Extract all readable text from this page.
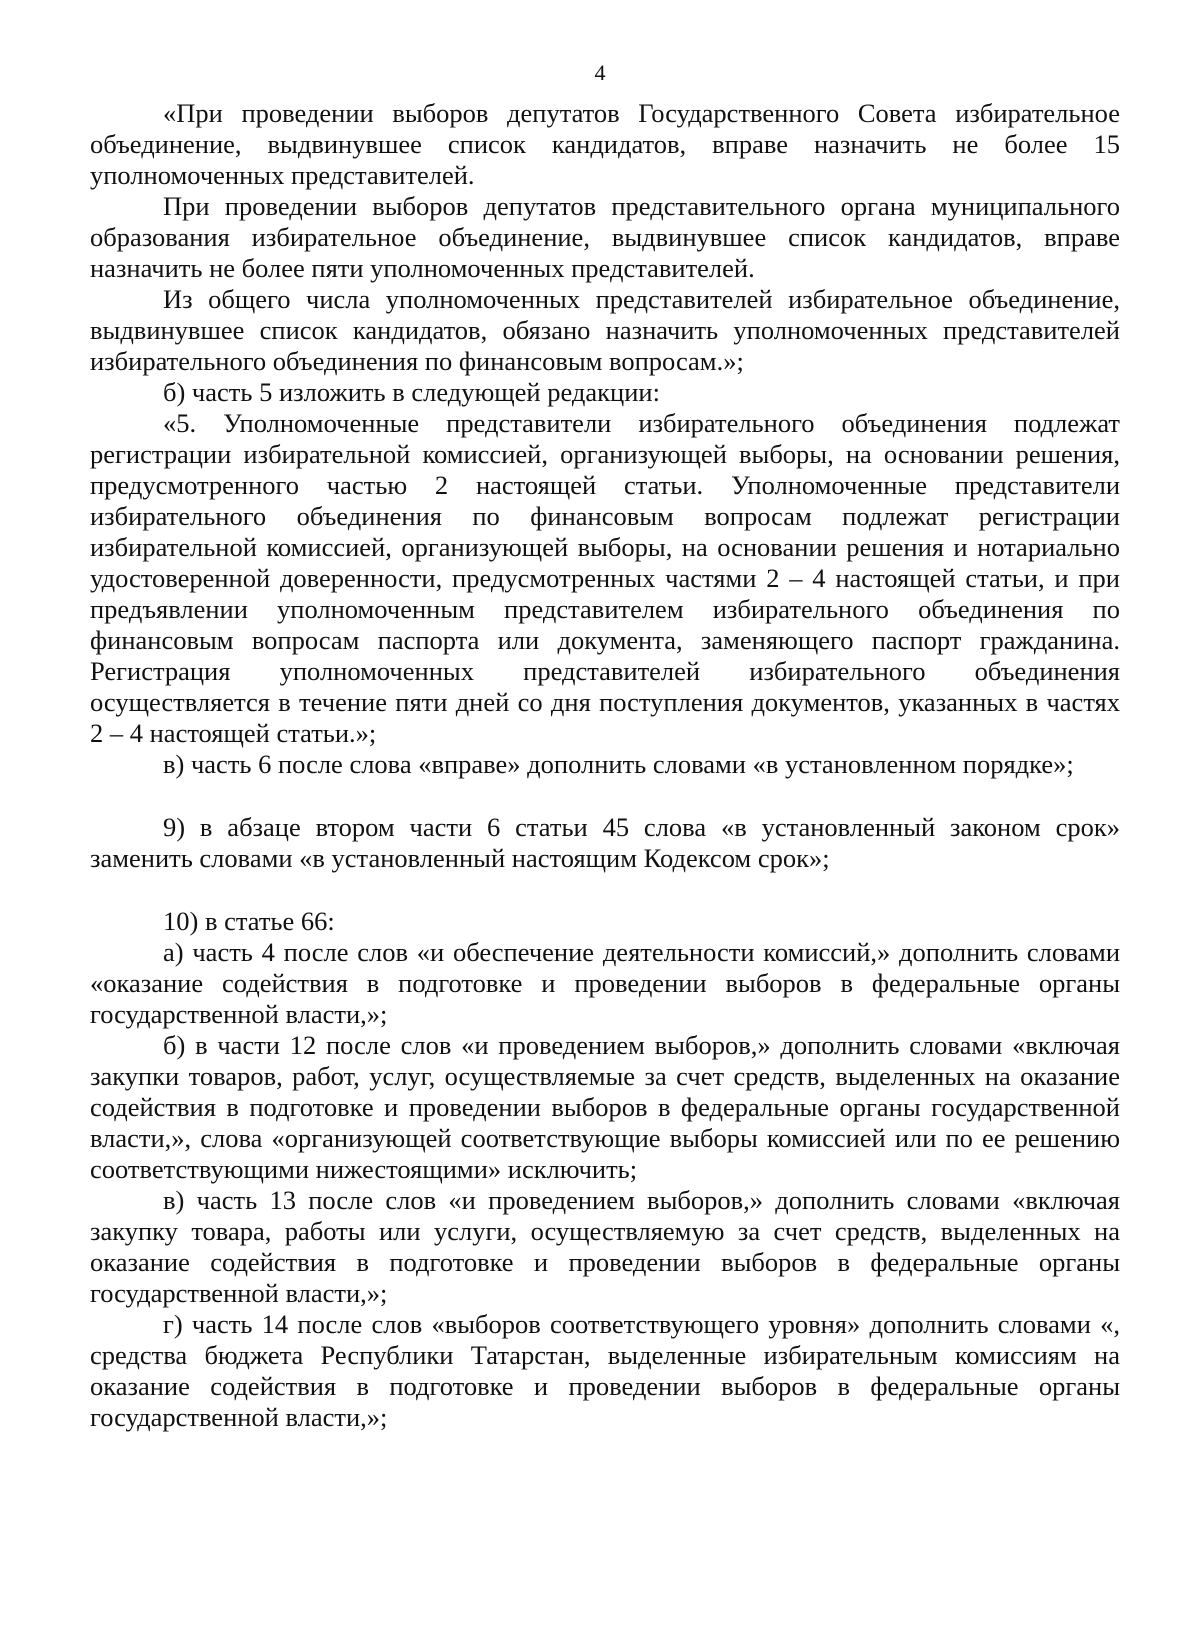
4

«При проведении выборов депутатов Государственного Совета избирательное объединение, выдвинувшее список кандидатов, вправе назначить не более 15 уполномоченных представителей.

При проведении выборов депутатов представительного органа муниципального образования избирательное объединение, выдвинувшее список кандидатов, вправе назначить не более пяти уполномоченных представителей.

Из общего числа уполномоченных представителей избирательное объединение, выдвинувшее список кандидатов, обязано назначить уполномоченных представителей избирательного объединения по финансовым вопросам.»;

б) часть 5 изложить в следующей редакции:

«5. Уполномоченные представители избирательного объединения подлежат регистрации избирательной комиссией, организующей выборы, на основании решения, предусмотренного частью 2 настоящей статьи. Уполномоченные представители избирательного объединения по финансовым вопросам подлежат регистрации избирательной комиссией, организующей выборы, на основании решения и нотариально удостоверенной доверенности, предусмотренных частями 2 – 4 настоящей статьи, и при предъявлении уполномоченным представителем избирательного объединения по финансовым вопросам паспорта или документа, заменяющего паспорт гражданина. Регистрация уполномоченных представителей избирательного объединения осуществляется в течение пяти дней со дня поступления документов, указанных в частях 2 – 4 настоящей статьи.»;

в) часть 6 после слова «вправе» дополнить словами «в установленном порядке»;

9) в абзаце втором части 6 статьи 45 слова «в установленный законом срок» заменить словами «в установленный настоящим Кодексом срок»;

10) в статье 66:

а) часть 4 после слов «и обеспечение деятельности комиссий,» дополнить словами «оказание содействия в подготовке и проведении выборов в федеральные органы государственной власти,»;

б) в части 12 после слов «и проведением выборов,» дополнить словами «включая закупки товаров, работ, услуг, осуществляемые за счет средств, выделенных на оказание содействия в подготовке и проведении выборов в федеральные органы государственной власти,», слова «организующей соответствующие выборы комиссией или по ее решению соответствующими нижестоящими» исключить;

в) часть 13 после слов «и проведением выборов,» дополнить словами «включая закупку товара, работы или услуги, осуществляемую за счет средств, выделенных на оказание содействия в подготовке и проведении выборов в федеральные органы государственной власти,»;

г) часть 14 после слов «выборов соответствующего уровня» дополнить словами «, средства бюджета Республики Татарстан, выделенные избирательным комиссиям на оказание содействия в подготовке и проведении выборов в федеральные органы государственной власти,»;
